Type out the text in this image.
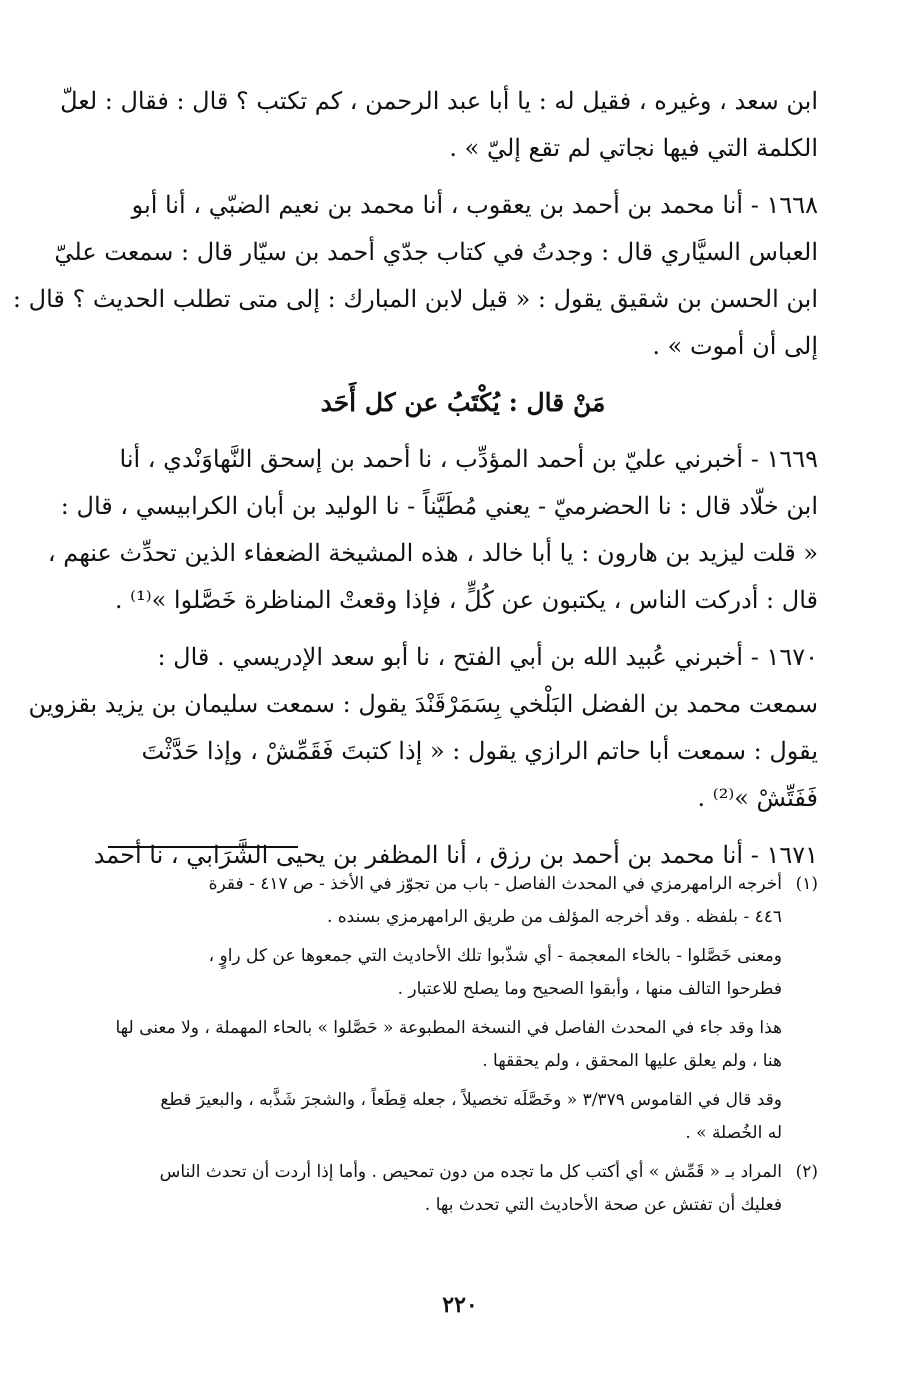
ابن سعد ، وغيره ، فقيل له : يا أبا عبد الرحمن ، كم تكتب ؟ قال : فقال : لعلّ
الكلمة التي فيها نجاتي لم تقع إليّ » .
١٦٦٨ - أنا محمد بن أحمد بن يعقوب ، أنا محمد بن نعيم الضبّي ، أنا أبو
العباس السيَّاري قال : وجدتُ في كتاب جدّي أحمد بن سيّار قال : سمعت عليّ
ابن الحسن بن شقيق يقول : « قيل لابن المبارك : إلى متى تطلب الحديث ؟ قال :
إلى أن أموت » .
مَنْ قال : يُكْتَبُ عن كل أَحَد
١٦٦٩ - أخبرني عليّ بن أحمد المؤدِّب ، نا أحمد بن إسحق النَّهاوَنْدي ، أنا
ابن خلّاد قال : نا الحضرميّ - يعني مُطَيَّناً - نا الوليد بن أبان الكرابيسي ، قال :
« قلت ليزيد بن هارون : يا أبا خالد ، هذه المشيخة الضعفاء الذين تحدِّث عنهم ،
قال : أدركت الناس ، يكتبون عن كُلٍّ ، فإذا وقعتْ المناظرة خَصَّلوا »⁽¹⁾ .
١٦٧٠ - أخبرني عُبيد الله بن أبي الفتح ، نا أبو سعد الإدريسي . قال :
سمعت محمد بن الفضل البَلْخي بِسَمَرْقَنْدَ يقول : سمعت سليمان بن يزيد بقزوين
يقول : سمعت أبا حاتم الرازي يقول : « إذا كتبتَ فَقَمِّشْ ، وإذا حَدَّثْتَ
فَفَتِّشْ »⁽²⁾ .
١٦٧١ - أنا محمد بن أحمد بن رزق ، أنا المظفر بن يحيى الشَّرَابي ، نا أحمد
(١)
أخرجه الرامهرمزي في المحدث الفاصل - باب من تجوّز في الأخذ - ص ٤١٧ - فقرة
٤٤٦ - بلفظه . وقد أخرجه المؤلف من طريق الرامهرمزي بسنده .
ومعنى خَصَّلوا - بالخاء المعجمة - أي شذّبوا تلك الأحاديث التي جمعوها عن كل راوٍ ،
فطرحوا التالف منها ، وأبقوا الصحيح وما يصلح للاعتبار .
هذا وقد جاء في المحدث الفاصل في النسخة المطبوعة « حَصَّلوا » بالحاء المهملة ، ولا معنى لها
هنا ، ولم يعلق عليها المحقق ، ولم يحققها .
وقد قال في القاموس ٣/٣٧٩ « وخَصَّلَه تخصيلاً ، جعله قِطَعاً ، والشجرَ شَذَّبه ، والبعيرَ قطع
له الخُصلة » .
(٢)
المراد بـ « قَمِّش » أي أكتب كل ما تجده من دون تمحيص . وأما إذا أردت أن تحدث الناس
فعليك أن تفتش عن صحة الأحاديث التي تحدث بها .
٢٢٠
